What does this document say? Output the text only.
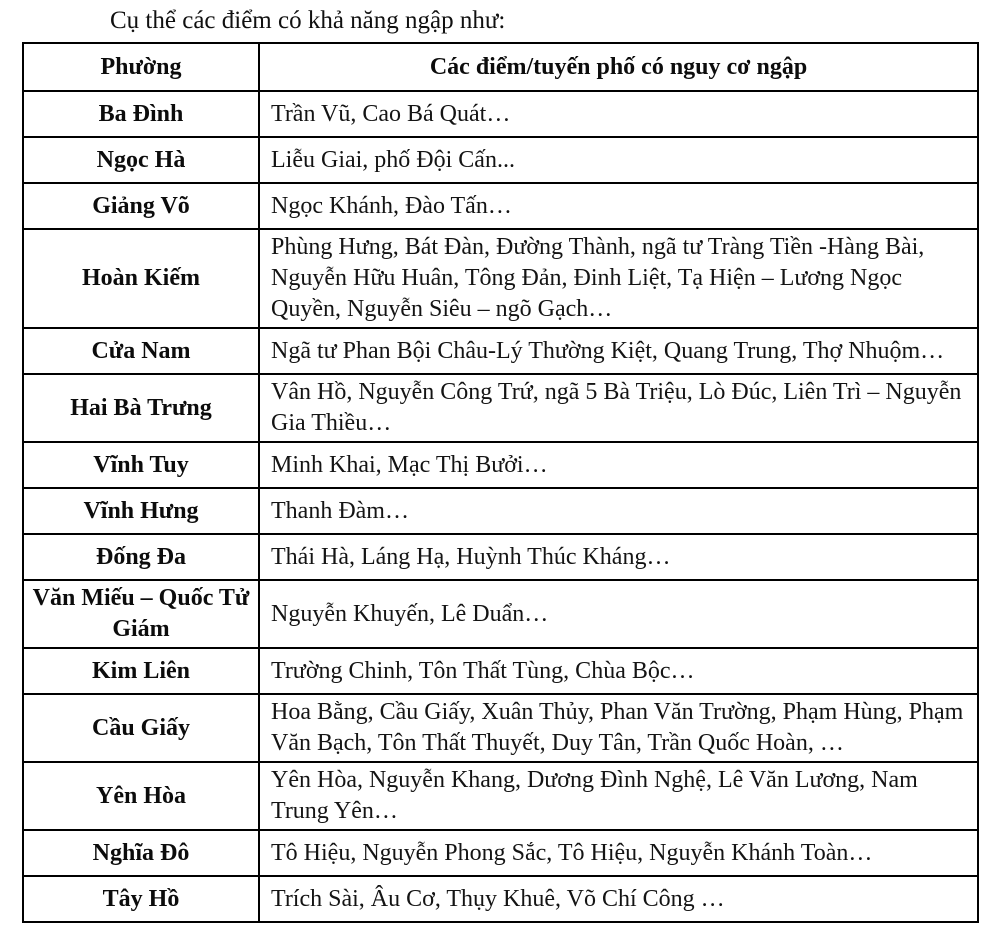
Cụ thể các điểm có khả năng ngập như:

Phường	Các điểm/tuyến phố có nguy cơ ngập
Ba Đình	Trần Vũ, Cao Bá Quát…
Ngọc Hà	Liễu Giai, phố Đội Cấn...
Giảng Võ	Ngọc Khánh, Đào Tấn…
Hoàn Kiếm	Phùng Hưng, Bát Đàn, Đường Thành, ngã tư Tràng Tiền -Hàng Bài, Nguyễn Hữu Huân, Tông Đản, Đinh Liệt, Tạ Hiện – Lương Ngọc Quyền, Nguyễn Siêu – ngõ Gạch…
Cửa Nam	Ngã tư Phan Bội Châu-Lý Thường Kiệt, Quang Trung, Thợ Nhuộm…
Hai Bà Trưng	Vân Hồ, Nguyễn Công Trứ, ngã 5 Bà Triệu, Lò Đúc, Liên Trì – Nguyễn Gia Thiều…
Vĩnh Tuy	Minh Khai, Mạc Thị Bưởi…
Vĩnh Hưng	Thanh Đàm…
Đống Đa	Thái Hà, Láng Hạ, Huỳnh Thúc Kháng…
Văn Miếu – Quốc Tử Giám	Nguyễn Khuyến, Lê Duẩn…
Kim Liên	Trường Chinh, Tôn Thất Tùng, Chùa Bộc…
Cầu Giấy	Hoa Bằng, Cầu Giấy, Xuân Thủy, Phan Văn Trường, Phạm Hùng, Phạm Văn Bạch, Tôn Thất Thuyết, Duy Tân, Trần Quốc Hoàn, …
Yên Hòa	Yên Hòa, Nguyễn Khang, Dương Đình Nghệ, Lê Văn Lương, Nam Trung Yên…
Nghĩa Đô	Tô Hiệu, Nguyễn Phong Sắc, Tô Hiệu, Nguyễn Khánh Toàn…
Tây Hồ	Trích Sài, Âu Cơ, Thụy Khuê, Võ Chí Công …
